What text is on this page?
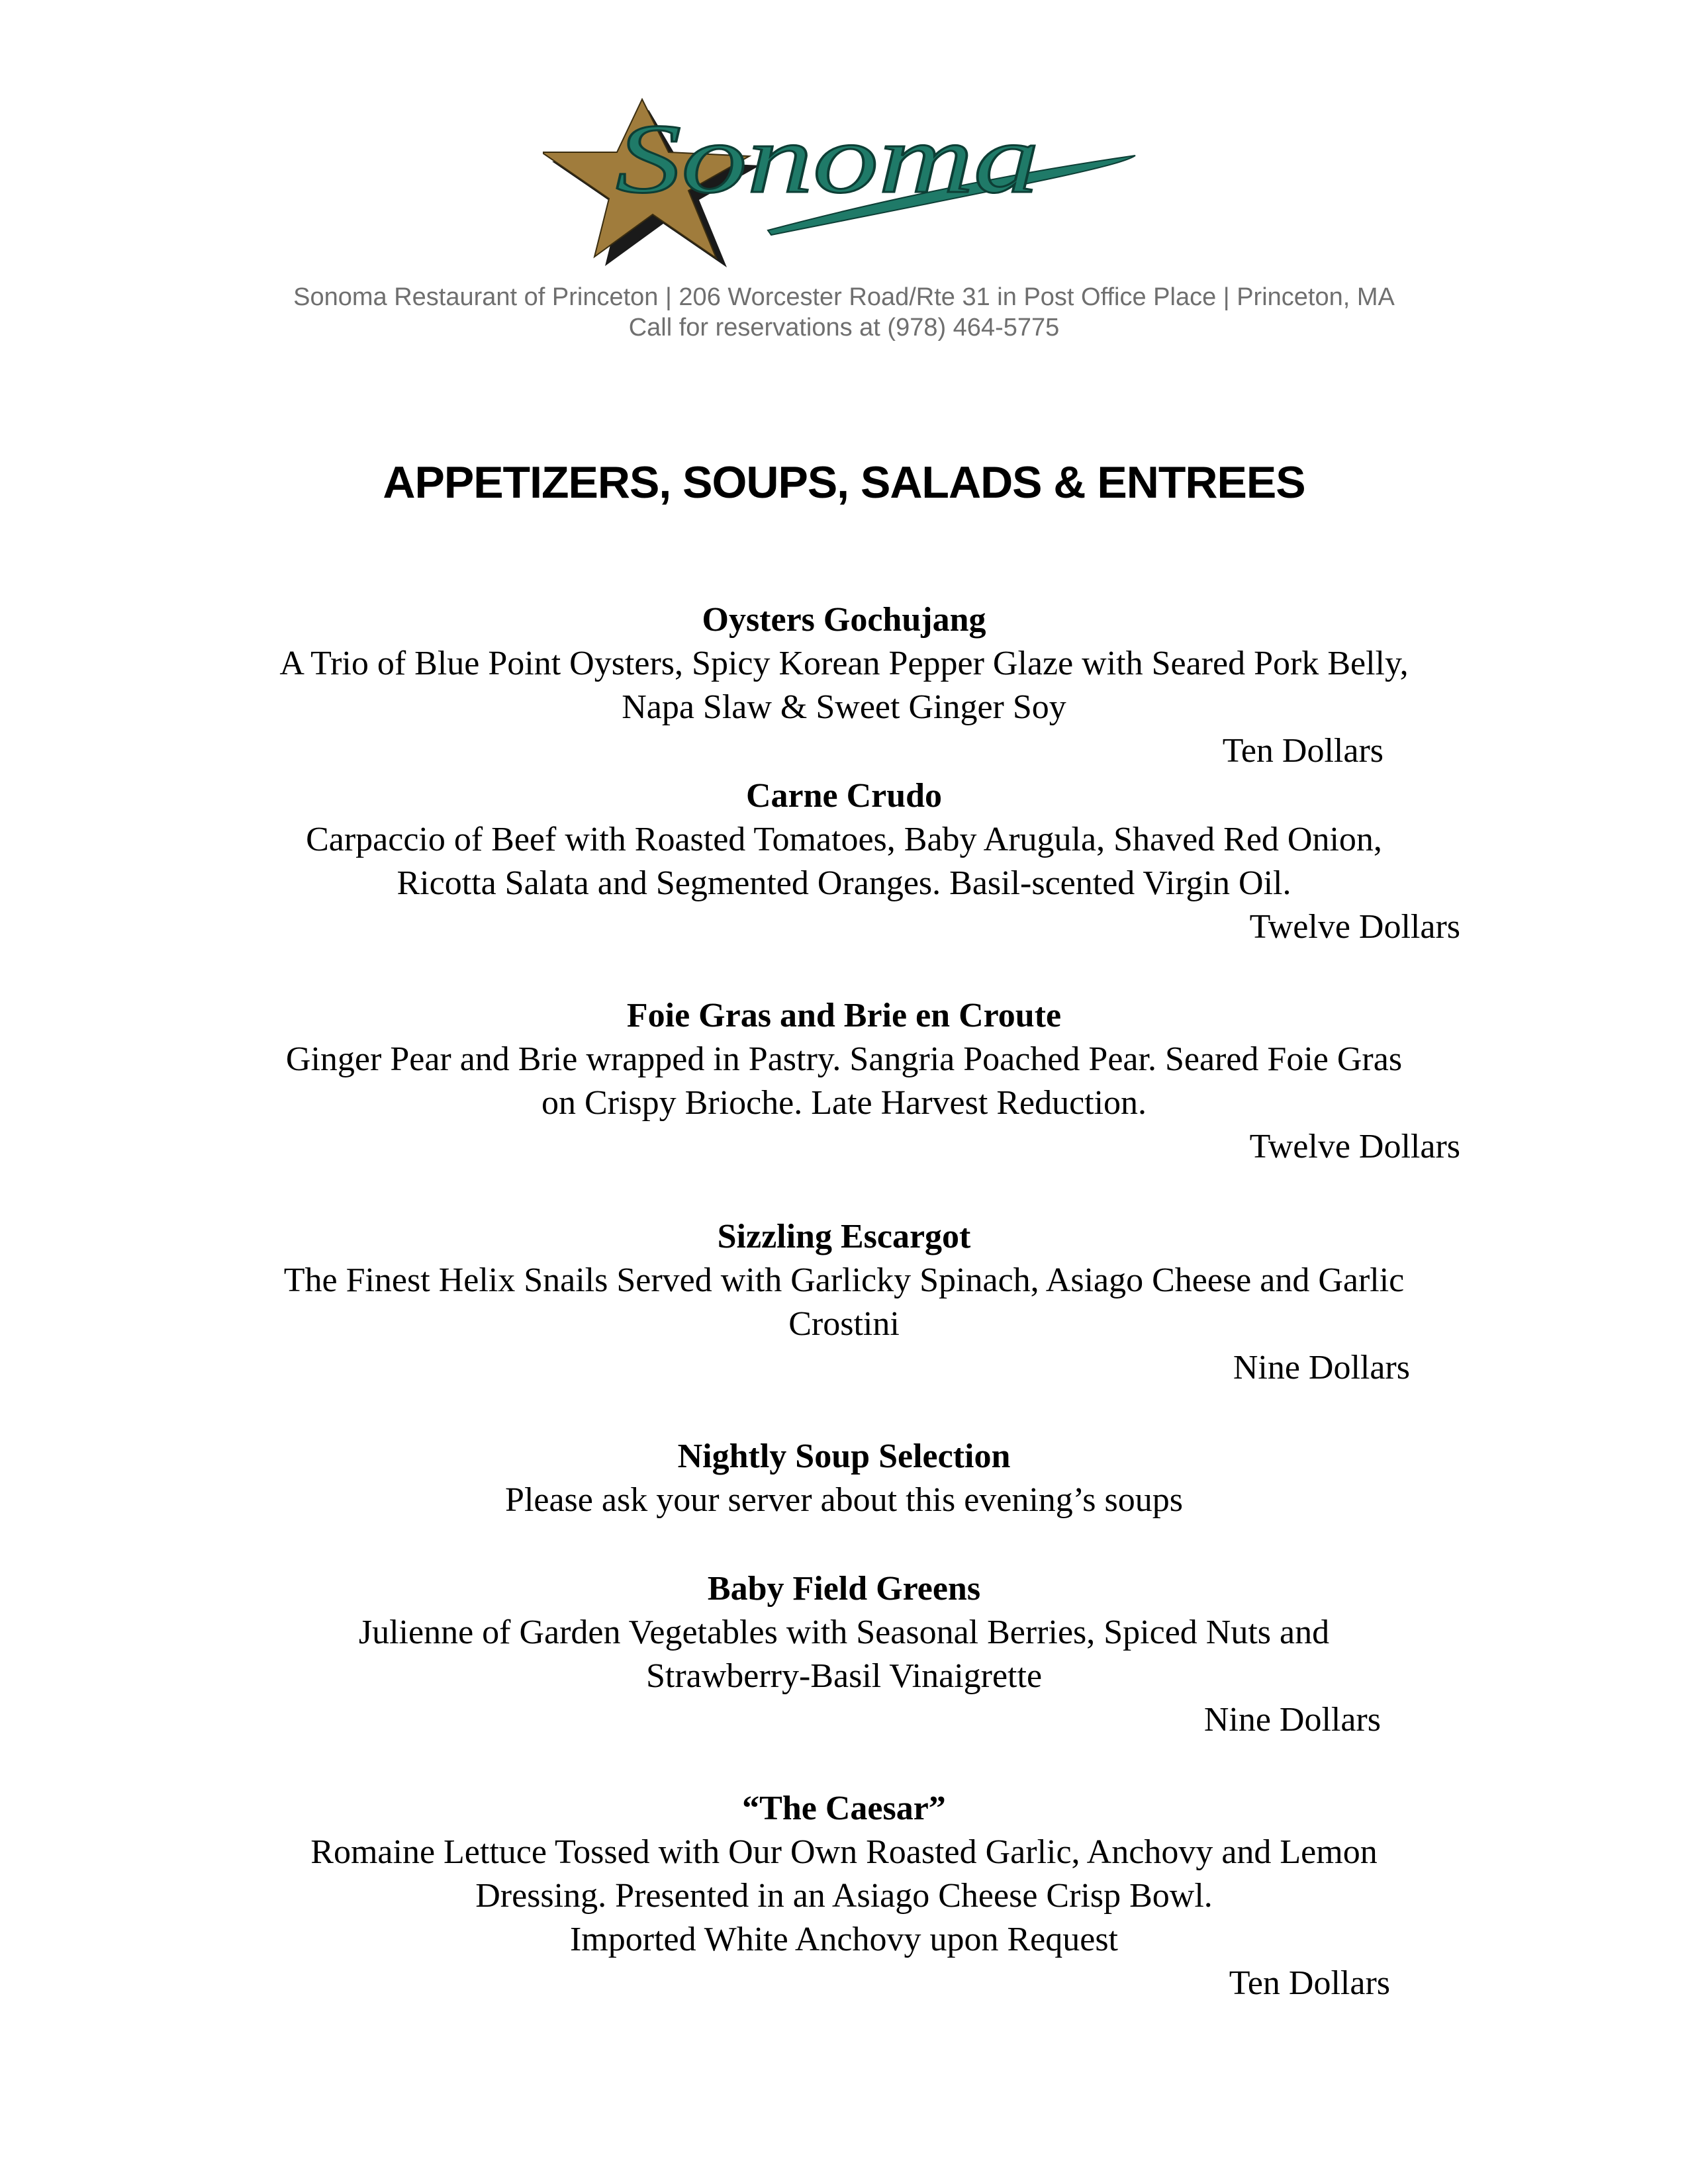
Sonoma
Sonoma Restaurant of Princeton | 206 Worcester Road/Rte 31 in Post Office Place | Princeton, MA
Call for reservations at (978) 464-5775
APPETIZERS, SOUPS, SALADS & ENTREES
Oysters Gochujang
A Trio of Blue Point Oysters, Spicy Korean Pepper Glaze with Seared Pork Belly,
Napa Slaw & Sweet Ginger Soy
Ten Dollars
Carne Crudo
Carpaccio of Beef with Roasted Tomatoes, Baby Arugula, Shaved Red Onion,
Ricotta Salata and Segmented Oranges. Basil-scented Virgin Oil.
Twelve Dollars
Foie Gras and Brie en Croute
Ginger Pear and Brie wrapped in Pastry. Sangria Poached Pear. Seared Foie Gras
on Crispy Brioche. Late Harvest Reduction.
Twelve Dollars
Sizzling Escargot
The Finest Helix Snails Served with Garlicky Spinach, Asiago Cheese and Garlic
Crostini
Nine Dollars
Nightly Soup Selection
Please ask your server about this evening’s soups
Baby Field Greens
Julienne of Garden Vegetables with Seasonal Berries, Spiced Nuts and
Strawberry-Basil Vinaigrette
Nine Dollars
“The Caesar”
Romaine Lettuce Tossed with Our Own Roasted Garlic, Anchovy and Lemon
Dressing. Presented in an Asiago Cheese Crisp Bowl.
Imported White Anchovy upon Request
Ten Dollars
